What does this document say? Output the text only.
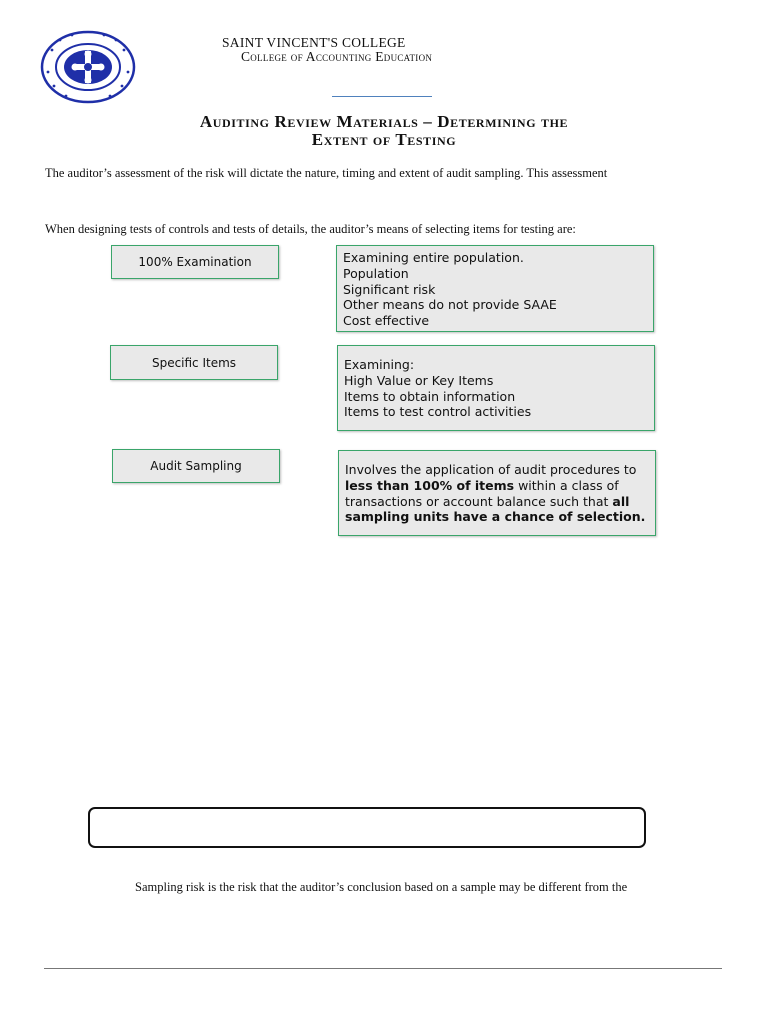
SAINT VINCENT'S COLLEGE
College of Accounting Education
Auditing Review Materials – Determining the
Extent of Testing
The auditor’s assessment of the risk will dictate the nature, timing and extent of audit sampling. This assessment
When designing tests of controls and tests of details, the auditor’s means of selecting items for testing are:
100% Examination	Examining entire population.
Population
Significant risk
Other means do not provide SAAE
Cost effective
Specific Items	Examining:
High Value or Key Items
Items to obtain information
Items to test control activities
Audit Sampling	Involves the application of audit procedures to
less than 100% of items within a class of
transactions or account balance such that all
sampling units have a chance of selection.
Sampling risk is the risk that the auditor’s conclusion based on a sample may be different from the
